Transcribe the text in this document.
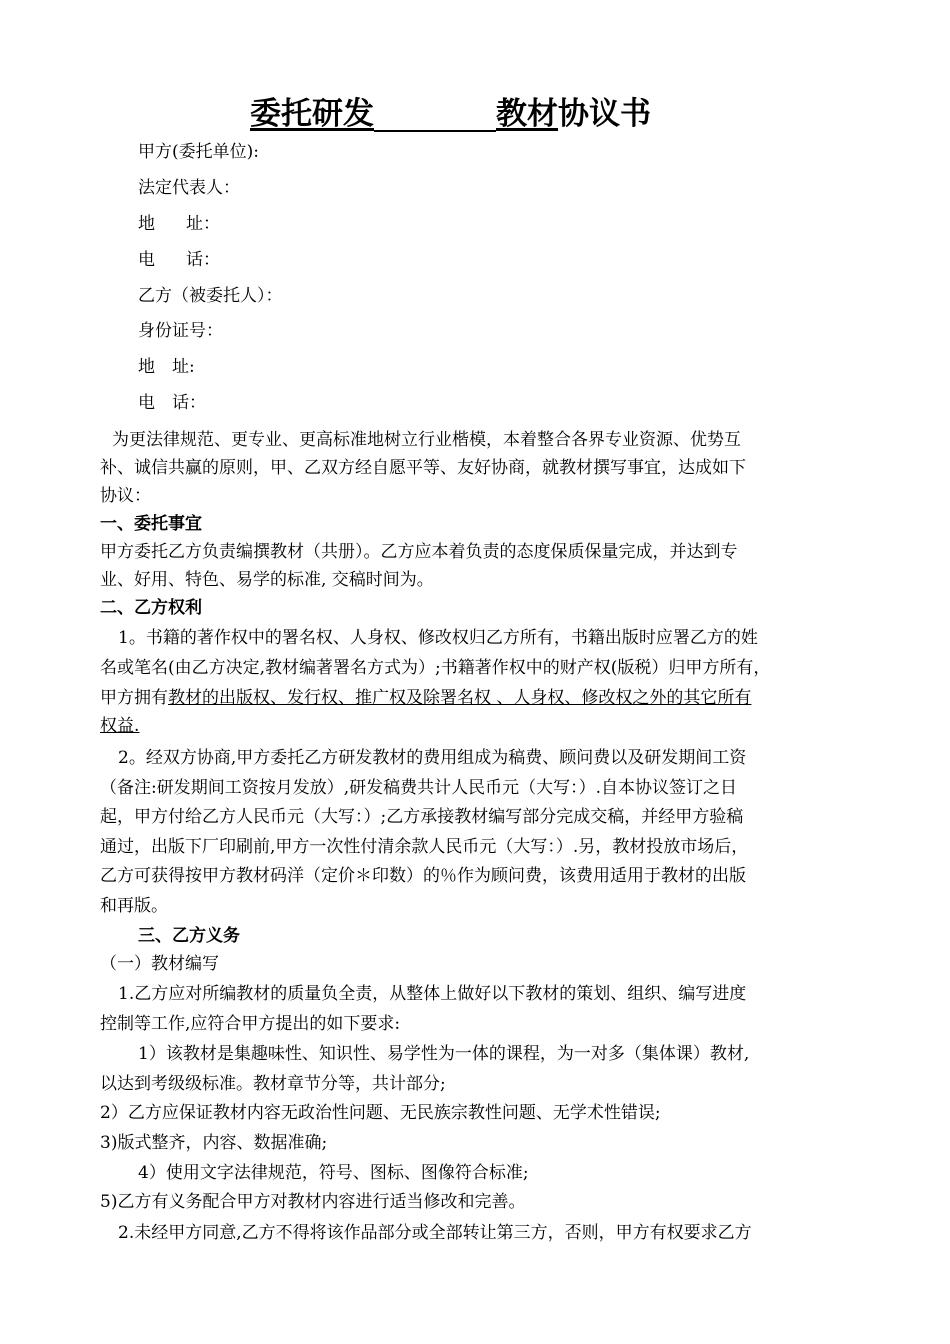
委托研发	教材协议书
甲方(委托单位):
法定代表人：
地 址：
电 话：
乙方（被委托人）：
身份证号：
地　址:
电　话：
为更法律规范、更专业、更高标准地树立行业楷模，本着整合各界专业资源、优势互
补、诚信共赢的原则，甲、乙双方经自愿平等、友好协商，就教材撰写事宜，达成如下
协议：
一、委托事宜
甲方委托乙方负责编撰教材（共册）。乙方应本着负责的态度保质保量完成，并达到专
业、好用、特色、易学的标准, 交稿时间为。
二、乙方权利
1。书籍的著作权中的署名权、人身权、修改权归乙方所有，书籍出版时应署乙方的姓
名或笔名(由乙方决定,教材编著署名方式为）;书籍著作权中的财产权(版税）归甲方所有，
甲方拥有教材的出版权、发行权、推广权及除署名权 、人身权、修改权之外的其它所有
权益.
2。经双方协商,甲方委托乙方研发教材的费用组成为稿费、顾问费以及研发期间工资
（备注:研发期间工资按月发放）,研发稿费共计人民币元（大写：）.自本协议签订之日
起，甲方付给乙方人民币元（大写：）;乙方承接教材编写部分完成交稿，并经甲方验稿
通过，出版下厂印刷前,甲方一次性付清余款人民币元（大写：）.另，教材投放市场后，
乙方可获得按甲方教材码洋（定价＊印数）的％作为顾问费，该费用适用于教材的出版
和再版。
三、乙方义务
（一）教材编写
1.乙方应对所编教材的质量负全责，从整体上做好以下教材的策划、组织、编写进度
控制等工作,应符合甲方提出的如下要求:
1）该教材是集趣味性、知识性、易学性为一体的课程，为一对多（集体课）教材,
以达到考级级标准。教材章节分等，共计部分;
2）乙方应保证教材内容无政治性问题、无民族宗教性问题、无学术性错误;
3)版式整齐，内容、数据准确;
4）使用文字法律规范，符号、图标、图像符合标准;
5)乙方有义务配合甲方对教材内容进行适当修改和完善。
2.未经甲方同意,乙方不得将该作品部分或全部转让第三方，否则，甲方有权要求乙方
